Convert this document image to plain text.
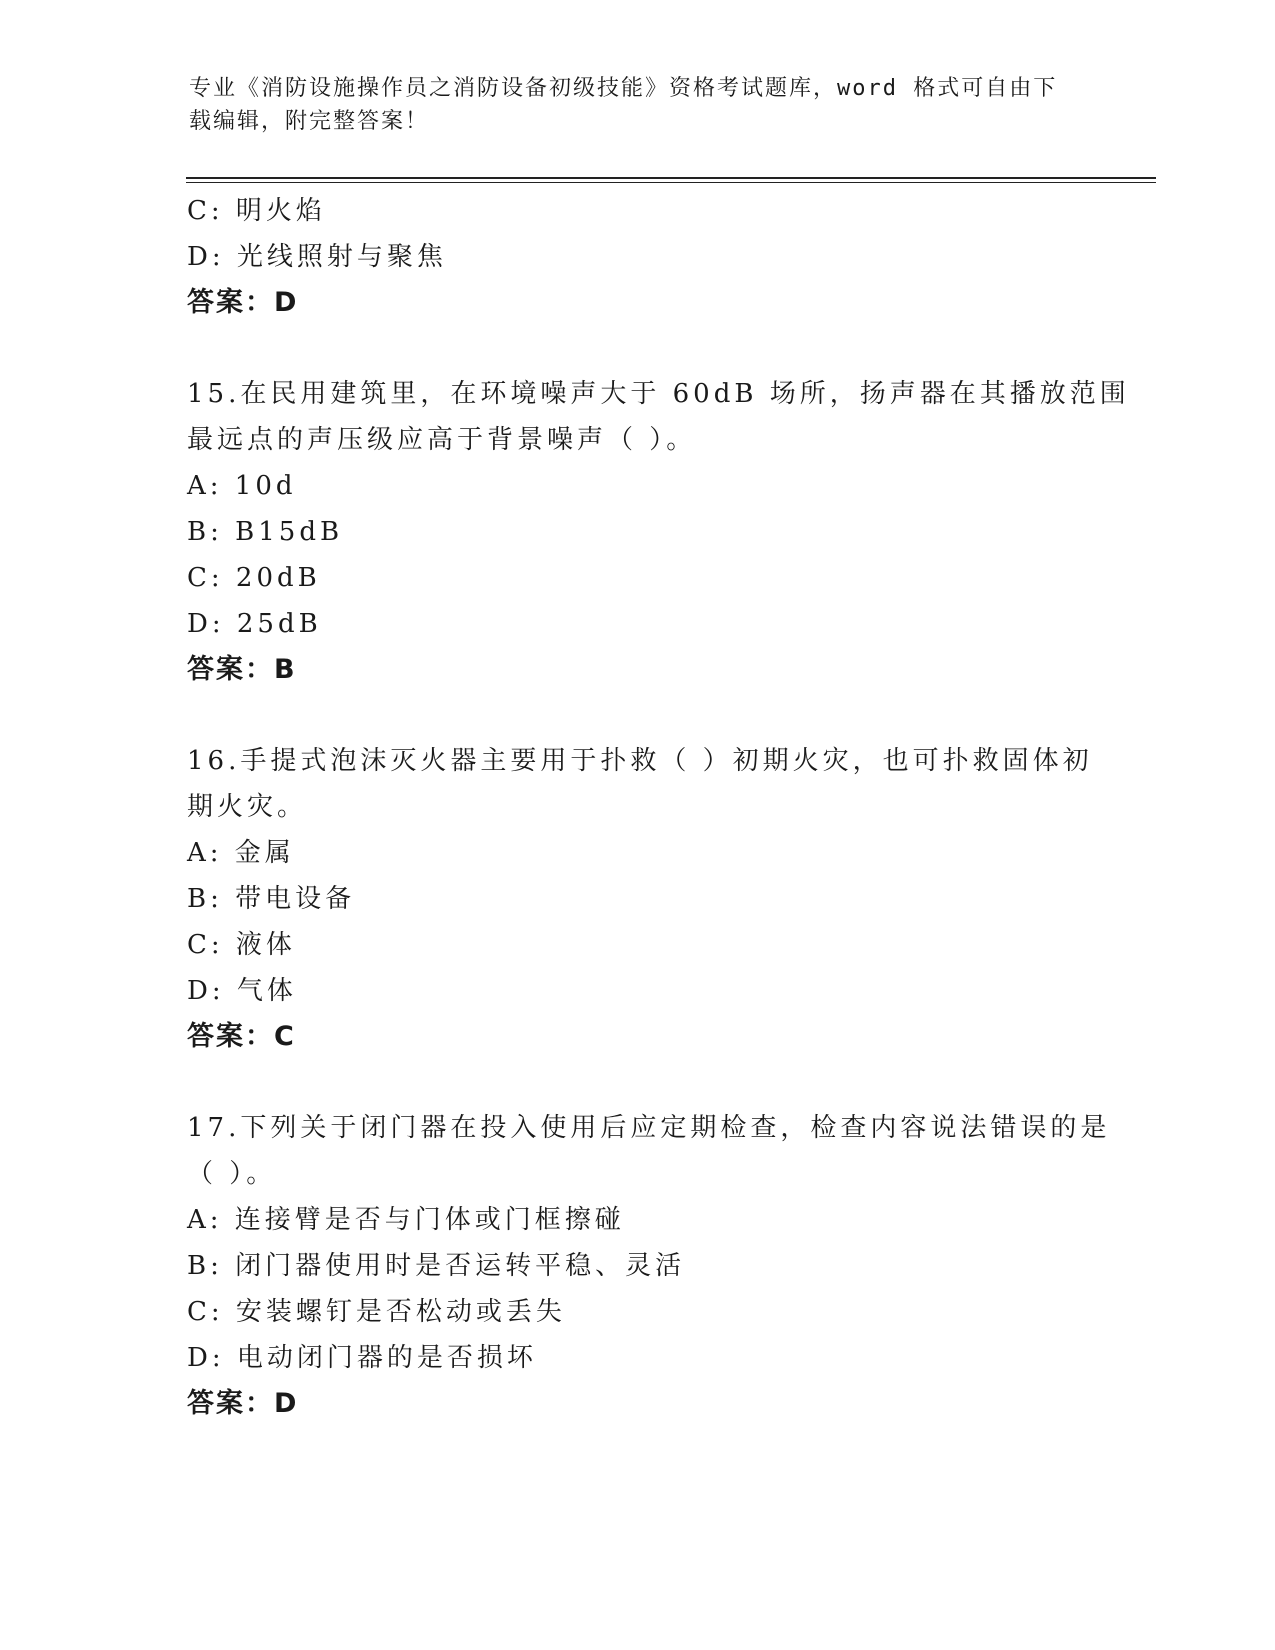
专业《消防设施操作员之消防设备初级技能》资格考试题库，word 格式可自由下
载编辑，附完整答案！
C: 明火焰
D: 光线照射与聚焦
答案：D
15.在民用建筑里，在环境噪声大于 60dB 场所，扬声器在其播放范围
最远点的声压级应高于背景噪声（ ）。
A: 10d
B: B15dB
C: 20dB
D: 25dB
答案：B
16.手提式泡沫灭火器主要用于扑救（ ）初期火灾，也可扑救固体初
期火灾。
A: 金属
B: 带电设备
C: 液体
D: 气体
答案：C
17.下列关于闭门器在投入使用后应定期检查，检查内容说法错误的是
（ ）。
A: 连接臂是否与门体或门框擦碰
B: 闭门器使用时是否运转平稳、灵活
C: 安装螺钉是否松动或丢失
D: 电动闭门器的是否损坏
答案：D
